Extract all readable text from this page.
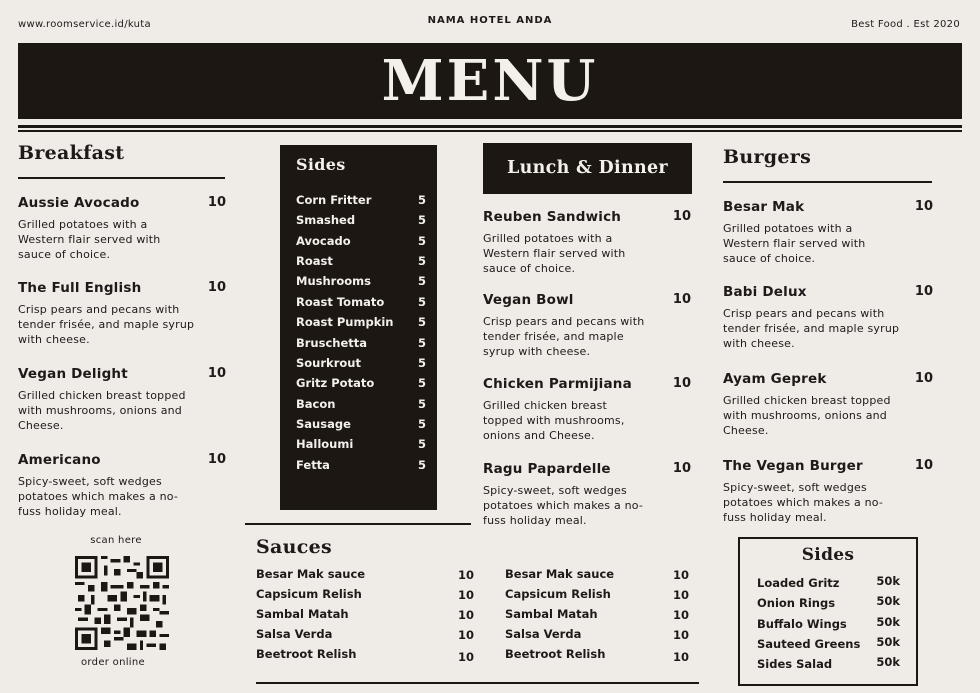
www.roomservice.id/kuta	NAMA HOTEL ANDA	Best Food . Est 2020
MENU
Breakfast
Aussie Avocado	10
Grilled potatoes with a
Western flair served with
sauce of choice.
The Full English	10
Crisp pears and pecans with
tender frisée, and maple syrup
with cheese.
Vegan Delight	10
Grilled chicken breast topped
with mushrooms, onions and
Cheese.
Americano	10
Spicy-sweet, soft wedges
potatoes which makes a no-
fuss holiday meal.
scan here
order online
Sides
Corn Fritter	5
Smashed	5
Avocado	5
Roast	5
Mushrooms	5
Roast Tomato	5
Roast Pumpkin 5
Bruschetta	5
Sourkrout	5
Gritz Potato	5
Bacon	5
Sausage	5
Halloumi	5
Fetta	5
Lunch & Dinner
Reuben Sandwich	10
Grilled potatoes with a
Western flair served with
sauce of choice.
Vegan Bowl	10
Crisp pears and pecans with
tender frisée, and maple
syrup with cheese.
Chicken Parmijiana	10
Grilled chicken breast
topped with mushrooms,
onions and Cheese.
Ragu Papardelle	10
Spicy-sweet, soft wedges
potatoes which makes a no-
fuss holiday meal.
Burgers
Besar Mak	10
Grilled potatoes with a
Western flair served with
sauce of choice.
Babi Delux	10
Crisp pears and pecans with
tender frisée, and maple syrup
with cheese.
Ayam Geprek	10
Grilled chicken breast topped
with mushrooms, onions and
Cheese.
The Vegan Burger	10
Spicy-sweet, soft wedges
potatoes which makes a no-
fuss holiday meal.
Sauces
Besar Mak sauce	10
Capsicum Relish	10
Sambal Matah	10
Salsa Verda	10
Beetroot Relish	10
Besar Mak sauce	10
Capsicum Relish	10
Sambal Matah	10
Salsa Verda	10
Beetroot Relish	10
Sides
Loaded Gritz	50k
Onion Rings	50k
Buffalo Wings	50k
Sauteed Greens 50k
Sides Salad	50k
